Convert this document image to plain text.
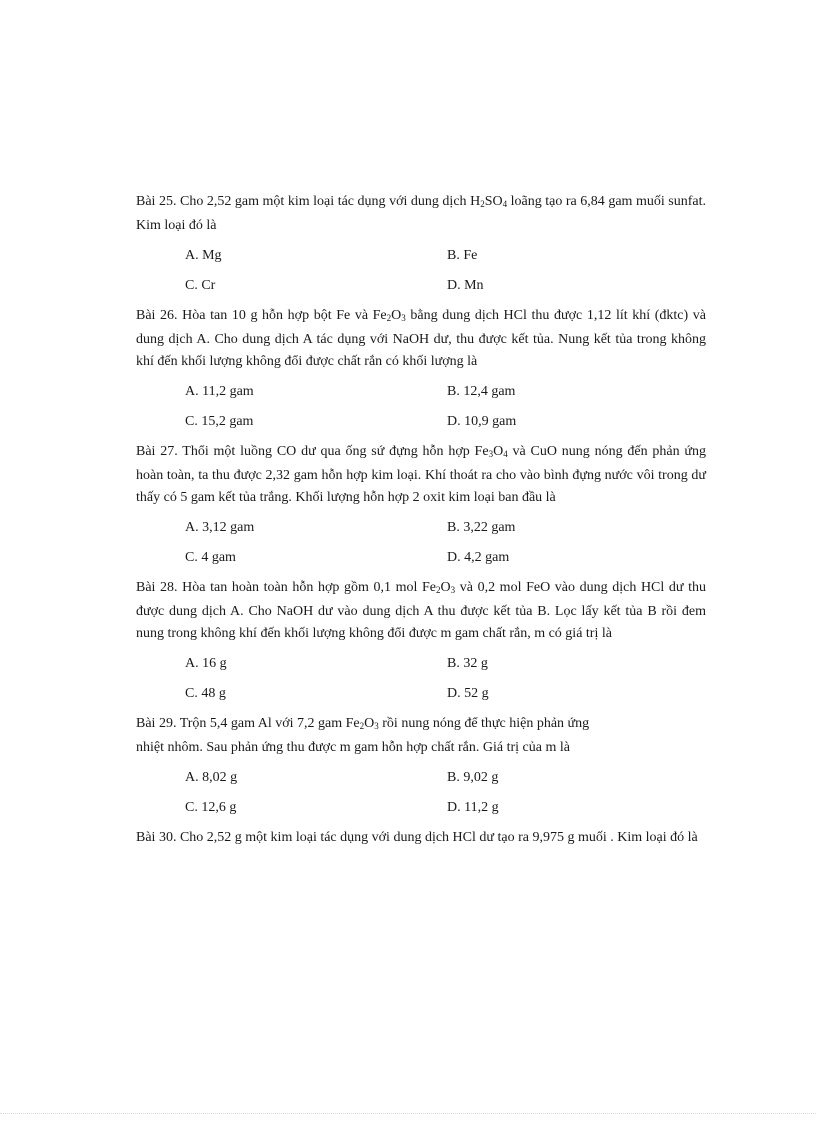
Bài 25. Cho 2,52 gam một kim loại tác dụng với dung dịch $H_2SO_4$ loãng tạo ra 6,84 gam muối sunfat. Kim loại đó là

A. Mg	B. Fe
C. Cr	D. Mn

Bài 26. Hòa tan 10 g hỗn hợp bột Fe và $Fe_2O_3$ bằng dung dịch HCl thu được 1,12 lít khí (đktc) và dung dịch A. Cho dung dịch A tác dụng với NaOH dư, thu được kết tủa. Nung kết tủa trong không khí đến khối lượng không đổi được chất rắn có khối lượng là

A. 11,2 gam	B. 12,4 gam
C. 15,2 gam	D. 10,9 gam

Bài 27. Thổi một luồng CO dư qua ống sứ đựng hỗn hợp $Fe_3O_4$ và CuO nung nóng đến phản ứng hoàn toàn, ta thu được 2,32 gam hỗn hợp kim loại. Khí thoát ra cho vào bình đựng nước vôi trong dư thấy có 5 gam kết tủa trắng. Khối lượng hỗn hợp 2 oxit kim loại ban đầu là

A. 3,12 gam	B. 3,22 gam
C. 4 gam	D. 4,2 gam

Bài 28. Hòa tan hoàn toàn hỗn hợp gồm 0,1 mol $Fe_2O_3$ và 0,2 mol FeO vào dung dịch HCl dư thu được dung dịch A. Cho NaOH dư vào dung dịch A thu được kết tủa B. Lọc lấy kết tủa B rồi đem nung trong không khí đến khối lượng không đổi được m gam chất rắn, m có giá trị là

A. 16 g	B. 32 g
C. 48 g	D. 52 g

Bài 29. Trộn 5,4 gam Al với 7,2 gam $Fe_2O_3$ rồi nung nóng để thực hiện phản ứng
nhiệt nhôm. Sau phản ứng thu được m gam hỗn hợp chất rắn. Giá trị của m là

A. 8,02 g	B. 9,02 g
C. 12,6 g	D. 11,2 g

Bài 30. Cho 2,52 g một kim loại tác dụng với dung dịch HCl dư tạo ra 9,975 g muối . Kim loại đó là
